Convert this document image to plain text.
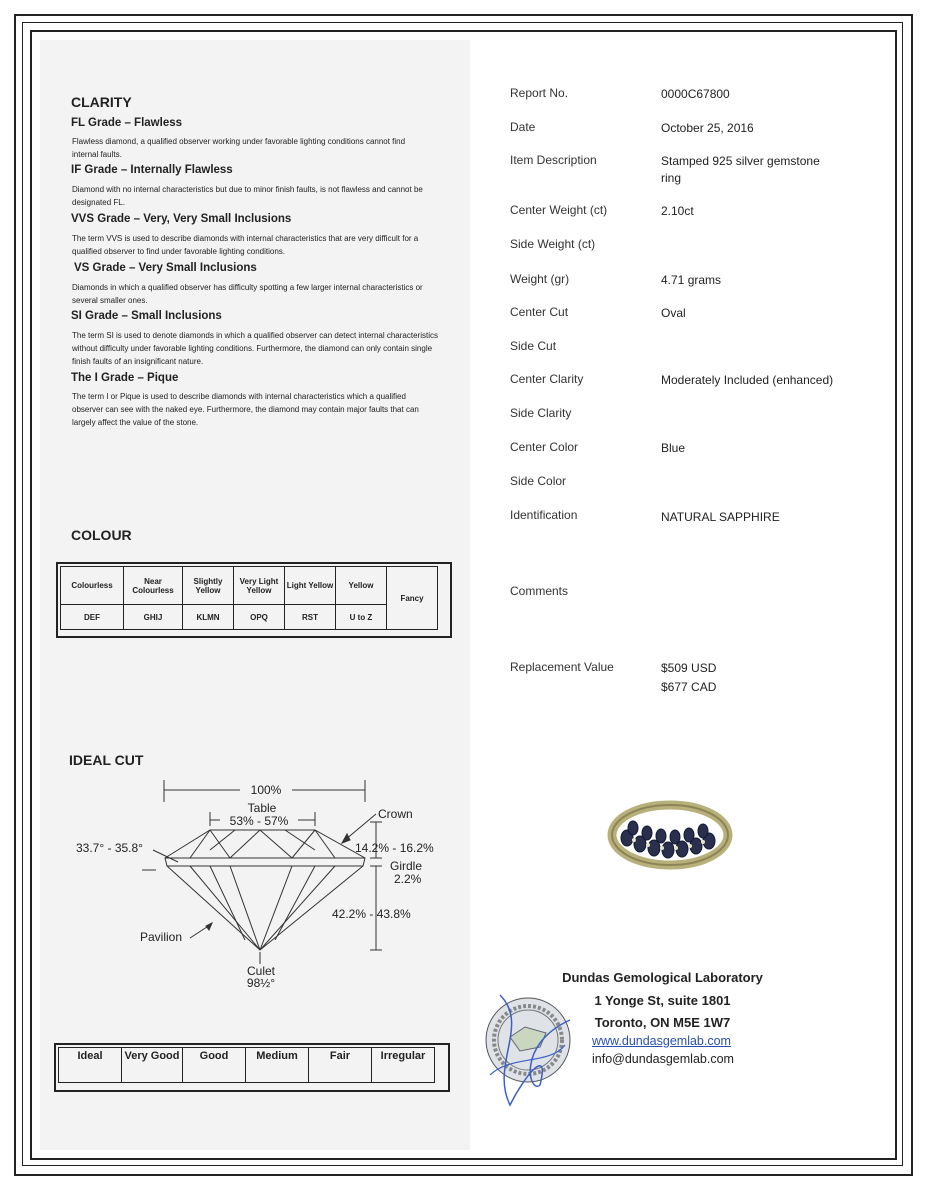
CLARITY
FL Grade – Flawless
Flawless diamond, a qualified observer working under favorable lighting conditions cannot find internal faults.
IF Grade – Internally Flawless
Diamond with no internal characteristics but due to minor finish faults, is not flawless and cannot be designated FL.
VVS Grade – Very, Very Small Inclusions
The term VVS is used to describe diamonds with internal characteristics that are very difficult for a qualified observer to find under favorable lighting conditions.
VS Grade – Very Small Inclusions
Diamonds in which a qualified observer has difficulty spotting a few larger internal characteristics or several smaller ones.
SI Grade – Small Inclusions
The term SI is used to denote diamonds in which a qualified observer can detect internal characteristics without difficulty under favorable lighting conditions. Furthermore, the diamond can only contain single finish faults of an insignificant nature.
The I Grade – Pique
The term I or Pique is used to describe diamonds with internal characteristics which a qualified observer can see with the naked eye. Furthermore, the diamond may contain major faults that can largely affect the value of the stone.
COLOUR
Colourless	Near Colourless	Slightly Yellow	Very Light Yellow	Light Yellow	Yellow	Fancy
DEF	GHIJ	KLMN	OPQ	RST	U to Z	
IDEAL CUT
100%
Table
53% - 57%	Crown
33.7° - 35.8°	14.2% - 16.2%
Girdle
2.2%
42.2% - 43.8%
Pavilion
Culet
98½°
Ideal	Very Good	Good	Medium	Fair	Irregular
Report No.	0000C67800
Date	October 25, 2016
Item Description	Stamped 925 silver gemstone ring
Center Weight (ct)	2.10ct
Side Weight (ct)
Weight (gr)	4.71 grams
Center Cut	Oval
Side Cut
Center Clarity	Moderately Included (enhanced)
Side Clarity
Center Color	Blue
Side Color
Identification	NATURAL SAPPHIRE
Comments
Replacement Value	$509 USD
$677 CAD
Dundas Gemological Laboratory
1 Yonge St, suite 1801
Toronto, ON M5E 1W7
www.dundasgemlab.com
info@dundasgemlab.com
